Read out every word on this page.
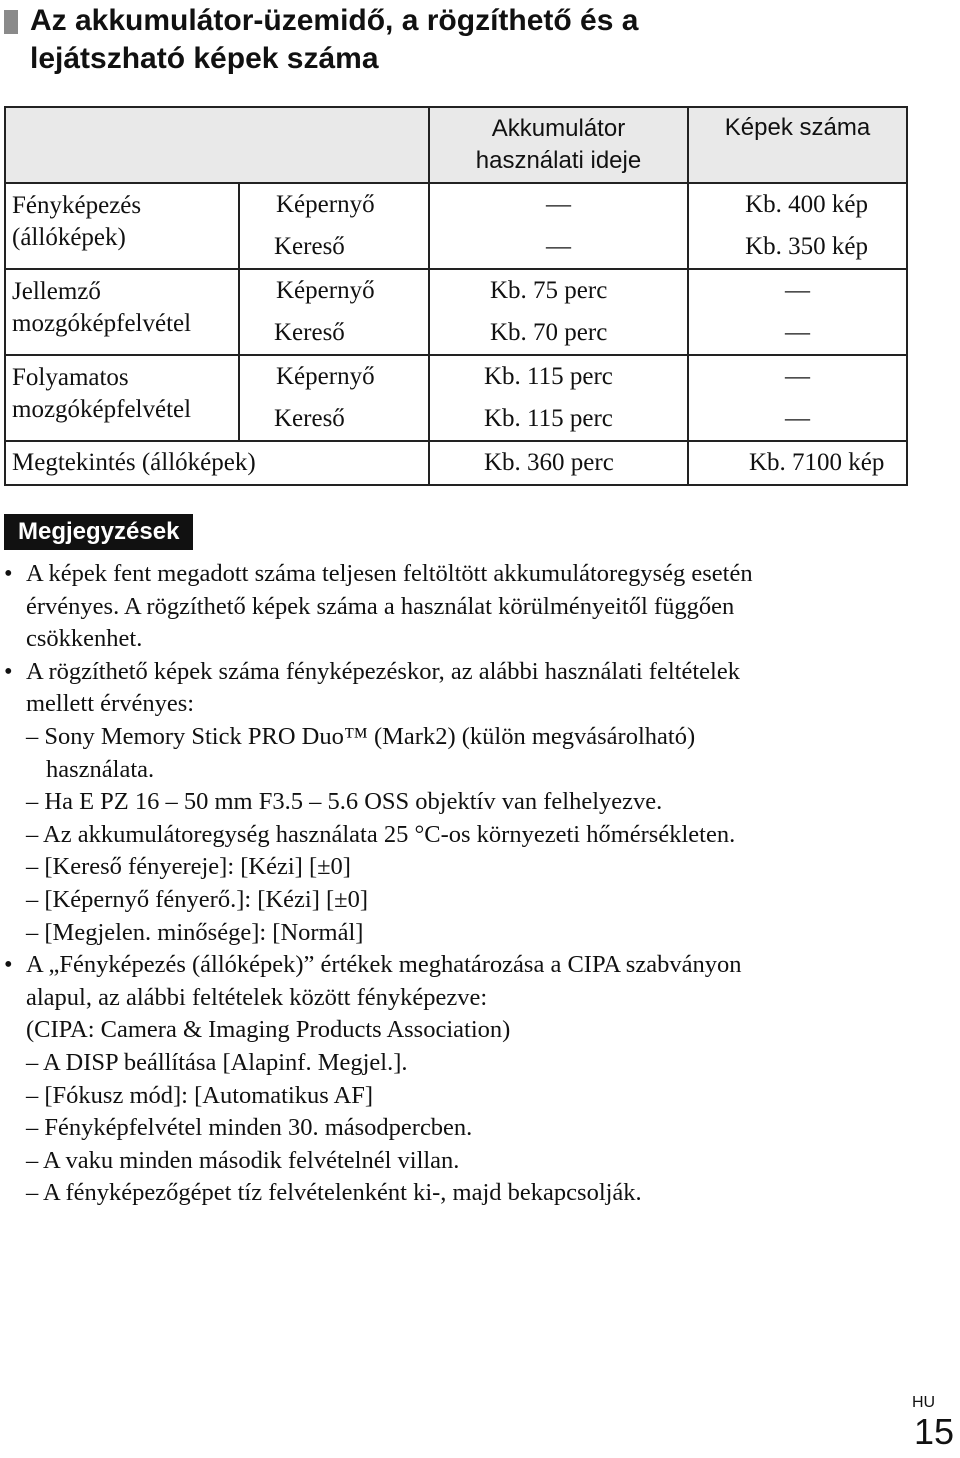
Az akkumulátor-üzemidő, a rögzíthető és a
lejátszható képek száma
		Akkumulátor
használati ideje	Képek száma
Fényképezés
(állóképek)	Képernyő	—	Kb. 400 kép
	Kereső	—	Kb. 350 kép
Jellemző
mozgóképfelvétel	Képernyő	Kb. 75 perc	—
	Kereső	Kb. 70 perc	—
Folyamatos
mozgóképfelvétel	Képernyő	Kb. 115 perc	—
	Kereső	Kb. 115 perc	—
Megtekintés (állóképek)		Kb. 360 perc	Kb. 7100 kép
Megjegyzések
• A képek fent megadott száma teljesen feltöltött akkumulátoregység esetén
érvényes. A rögzíthető képek száma a használat körülményeitől függően
csökkenhet.
• A rögzíthető képek száma fényképezéskor, az alábbi használati feltételek
mellett érvényes:
– Sony Memory Stick PRO Duo™ (Mark2) (külön megvásárolható)
használata.
– Ha E PZ 16 – 50 mm F3.5 – 5.6 OSS objektív van felhelyezve.
– Az akkumulátoregység használata 25 °C-os környezeti hőmérsékleten.
– [Kereső fényereje]: [Kézi] [±0]
– [Képernyő fényerő.]: [Kézi] [±0]
– [Megjelen. minősége]: [Normál]
• A „Fényképezés (állóképek)” értékek meghatározása a CIPA szabványon
alapul, az alábbi feltételek között fényképezve:
(CIPA: Camera & Imaging Products Association)
– A DISP beállítása [Alapinf. Megjel.].
– [Fókusz mód]: [Automatikus AF]
– Fényképfelvétel minden 30. másodpercben.
– A vaku minden második felvételnél villan.
– A fényképezőgépet tíz felvételenként ki-, majd bekapcsolják.
HU
15
